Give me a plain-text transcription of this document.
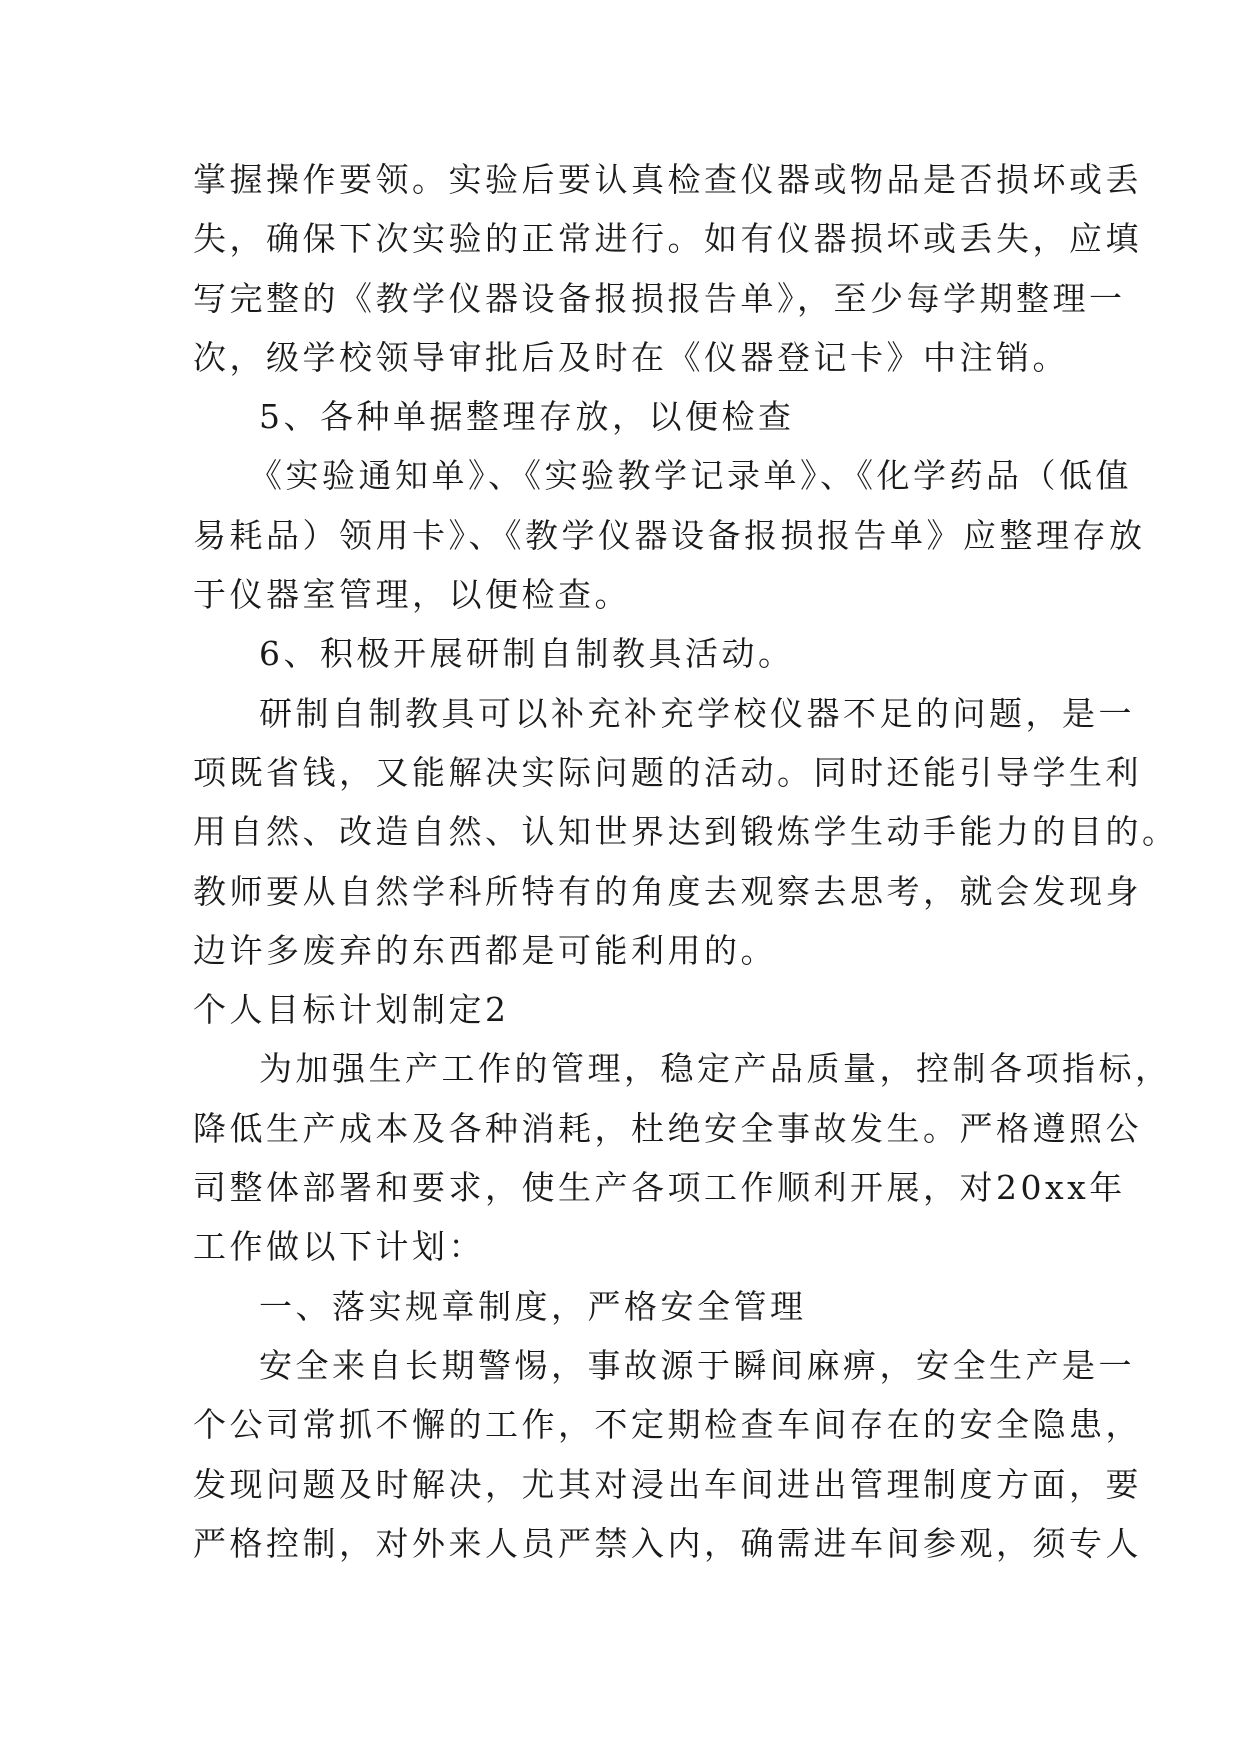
掌握操作要领。实验后要认真检查仪器或物品是否损坏或丢
失，确保下次实验的正常进行。如有仪器损坏或丢失，应填
写完整的《教学仪器设备报损报告单》，至少每学期整理一
次，级学校领导审批后及时在《仪器登记卡》中注销。
5、各种单据整理存放，以便检查
《实验通知单》、《实验教学记录单》、《化学药品（低值
易耗品）领用卡》、《教学仪器设备报损报告单》应整理存放
于仪器室管理，以便检查。
6、积极开展研制自制教具活动。
研制自制教具可以补充补充学校仪器不足的问题，是一
项既省钱，又能解决实际问题的活动。同时还能引导学生利
用自然、改造自然、认知世界达到锻炼学生动手能力的目的。
教师要从自然学科所特有的角度去观察去思考，就会发现身
边许多废弃的东西都是可能利用的。
个人目标计划制定2
为加强生产工作的管理，稳定产品质量，控制各项指标，
降低生产成本及各种消耗，杜绝安全事故发生。严格遵照公
司整体部署和要求，使生产各项工作顺利开展，对20xx年
工作做以下计划：
一、落实规章制度，严格安全管理
安全来自长期警惕，事故源于瞬间麻痹，安全生产是一
个公司常抓不懈的工作，不定期检查车间存在的安全隐患，
发现问题及时解决，尤其对浸出车间进出管理制度方面，要
严格控制，对外来人员严禁入内，确需进车间参观，须专人
